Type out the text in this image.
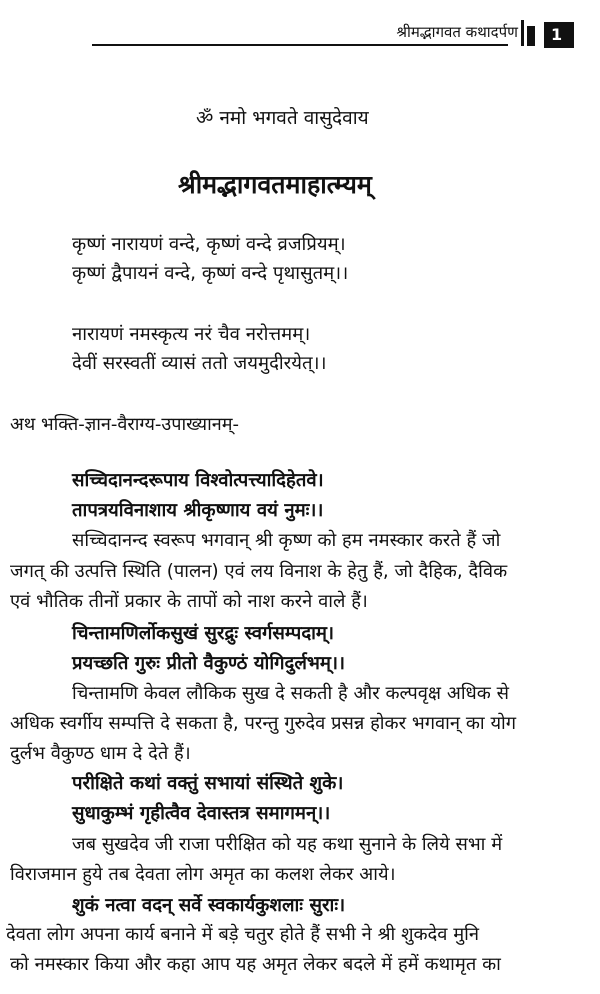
श्रीमद्भागवत कथादर्पण	1
ॐ नमो भगवते वासुदेवाय
श्रीमद्भागवतमाहात्म्यम्
कृष्णं नारायणं वन्दे, कृष्णं वन्दे व्रजप्रियम्।
कृष्णं द्वैपायनं वन्दे, कृष्णं वन्दे पृथासुतम्।।
नारायणं नमस्कृत्य नरं चैव नरोत्तमम्।
देवीं सरस्वतीं व्यासं ततो जयमुदीरयेत्।।
अथ भक्ति-ज्ञान-वैराग्य-उपाख्यानम्-
सच्चिदानन्दरूपाय विश्वोत्पत्त्यादिहेतवे।
तापत्रयविनाशाय श्रीकृष्णाय वयं नुमः।।
सच्चिदानन्द स्वरूप भगवान् श्री कृष्ण को हम नमस्कार करते हैं जो
जगत् की उत्पत्ति स्थिति (पालन) एवं लय विनाश के हेतु हैं, जो दैहिक, दैविक
एवं भौतिक तीनों प्रकार के तापों को नाश करने वाले हैं।
चिन्तामणिर्लोकसुखं सुरद्रुः स्वर्गसम्पदाम्।
प्रयच्छति गुरुः प्रीतो वैकुण्ठं योगिदुर्लभम्।।
चिन्तामणि केवल लौकिक सुख दे सकती है और कल्पवृक्ष अधिक से
अधिक स्वर्गीय सम्पत्ति दे सकता है, परन्तु गुरुदेव प्रसन्न होकर भगवान् का योग
दुर्लभ वैकुण्ठ धाम दे देते हैं।
परीक्षिते कथां वक्तुं सभायां संस्थिते शुके।
सुधाकुम्भं गृहीत्वैव देवास्तत्र समागमन्।।
जब सुखदेव जी राजा परीक्षित को यह कथा सुनाने के लिये सभा में
विराजमान हुये तब देवता लोग अमृत का कलश लेकर आये।
शुकं नत्वा वदन् सर्वे स्वकार्यकुशलाः सुराः।
देवता लोग अपना कार्य बनाने में बड़े चतुर होते हैं सभी ने श्री शुकदेव मुनि
को नमस्कार किया और कहा आप यह अमृत लेकर बदले में हमें कथामृत का
